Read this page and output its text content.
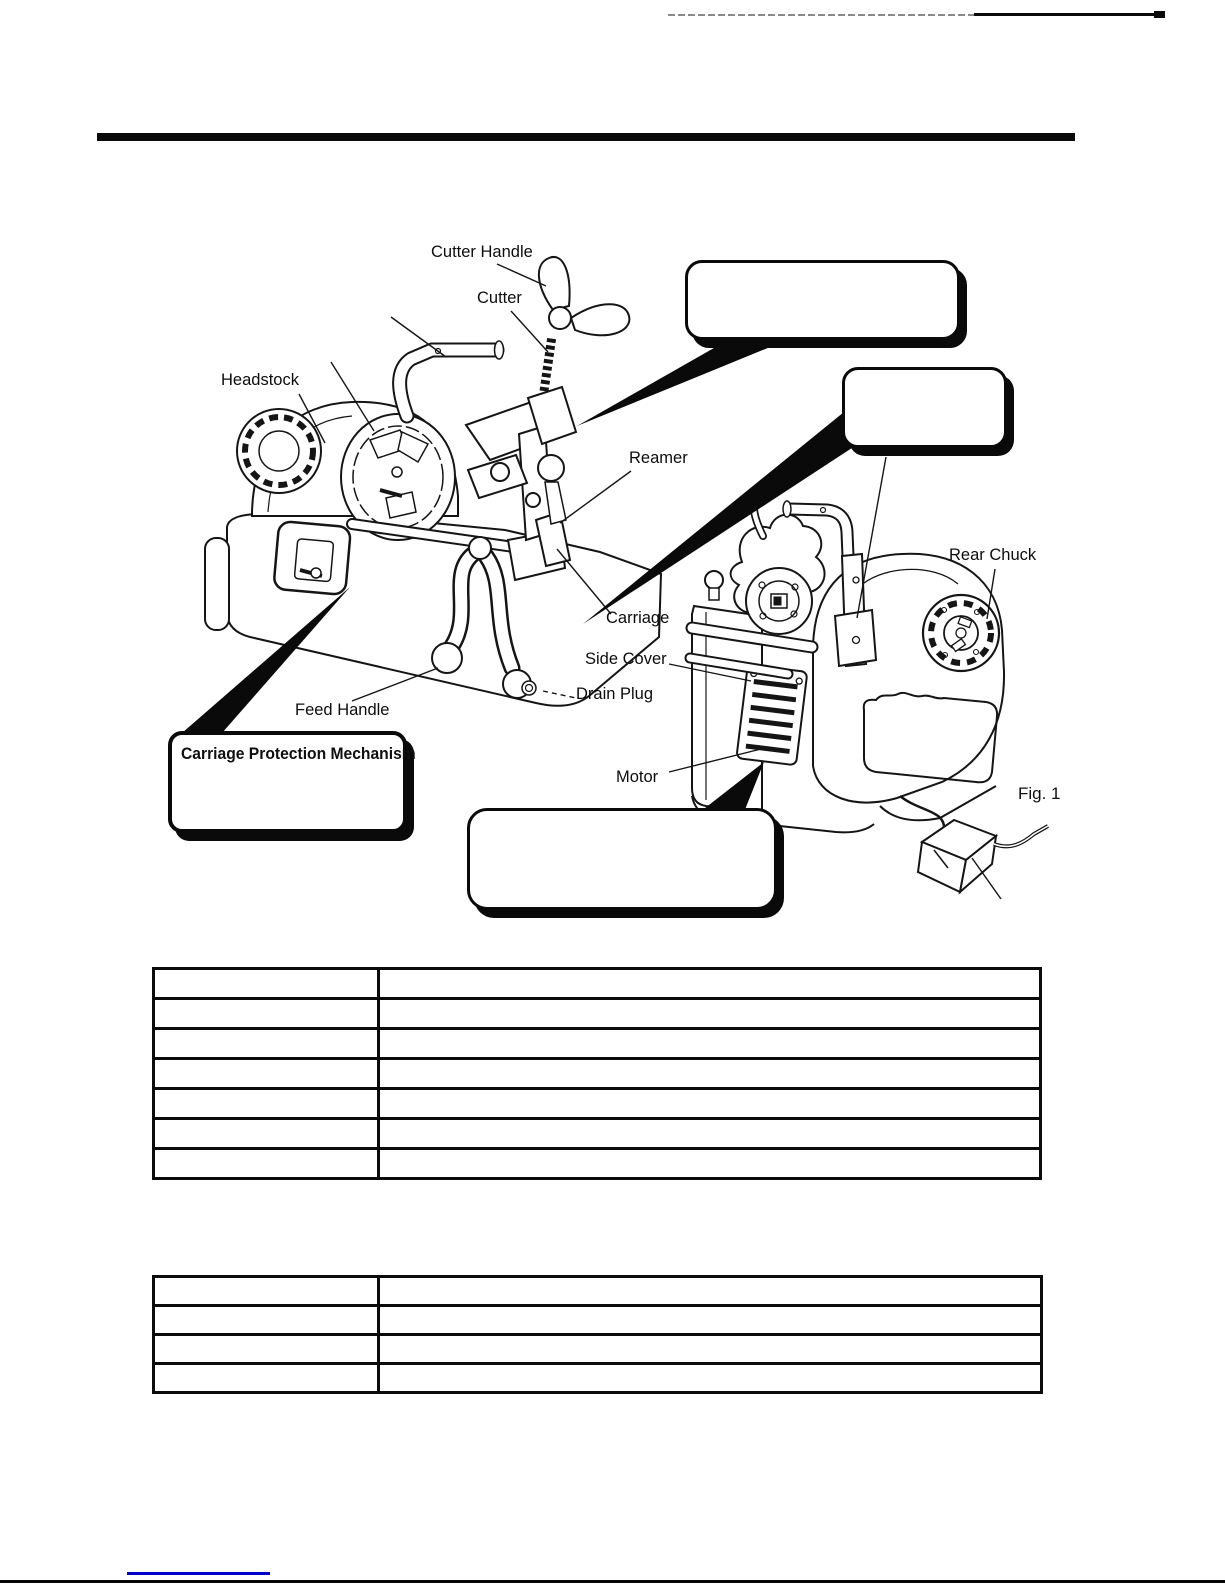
Carriage Protection Mechanism
Cutter Handle
Cutter
Headstock
Reamer
Carriage
Side Cover
Drain Plug
Feed Handle
Motor
Rear Chuck
Fig. 1
